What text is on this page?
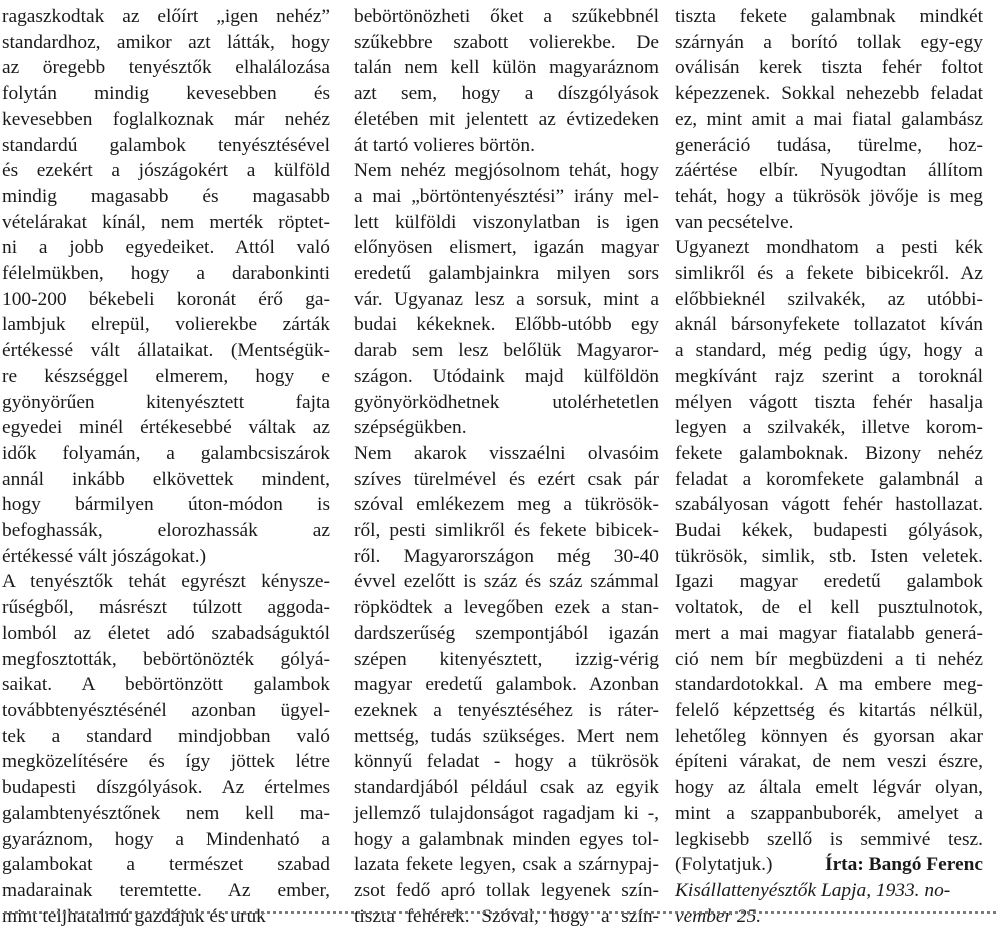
ragaszkodtak az előírt „igen nehéz”
standardhoz, amikor azt látták, hogy
az öregebb tenyésztők elhalálozása
folytán mindig kevesebben és
kevesebben foglalkoznak már nehéz
standardú galambok tenyésztésével
és ezekért a jószágokért a külföld
mindig magasabb és magasabb
vételárakat kínál, nem merték röptet-
ni a jobb egyedeiket. Attól való
félelmükben, hogy a darabonkinti
100-200 békebeli koronát érő ga-
lambjuk elrepül, volierekbe zárták
értékessé vált állataikat. (Mentségük-
re készséggel elmerem, hogy e
gyönyörűen kitenyésztett fajta
egyedei minél értékesebbé váltak az
idők folyamán, a galambcsiszárok
annál inkább elkövettek mindent,
hogy bármilyen úton-módon is
befoghassák, elorozhassák az
értékessé vált jószágokat.)
A tenyésztők tehát egyrészt kénysze-
rűségből, másrészt túlzott aggoda-
lomból az életet adó szabadságuktól
megfosztották, bebörtönözték gólyá-
saikat. A bebörtönzött galambok
továbbtenyésztésénél azonban ügyel-
tek a standard mindjobban való
megközelítésére és így jöttek létre
budapesti díszgólyások. Az értelmes
galambtenyésztőnek nem kell ma-
gyaráznom, hogy a Mindenható a
galambokat a természet szabad
madarainak teremtette. Az ember,
mint teljhatalmú gazdájuk és uruk
bebörtönözheti őket a szűkebbnél
szűkebbre szabott volierekbe. De
talán nem kell külön magyaráznom
azt sem, hogy a díszgólyások
életében mit jelentett az évtizedeken
át tartó volieres börtön.
Nem nehéz megjósolnom tehát, hogy
a mai „börtöntenyésztési” irány mel-
lett külföldi viszonylatban is igen
előnyösen elismert, igazán magyar
eredetű galambjainkra milyen sors
vár. Ugyanaz lesz a sorsuk, mint a
budai kékeknek. Előbb-utóbb egy
darab sem lesz belőlük Magyaror-
szágon. Utódaink majd külföldön
gyönyörködhetnek utolérhetetlen
szépségükben.
Nem akarok visszaélni olvasóim
szíves türelmével és ezért csak pár
szóval emlékezem meg a tükrösök-
ről, pesti simlikről és fekete bibicek-
ről. Magyarországon még 30-40
évvel ezelőtt is száz és száz számmal
röpködtek a levegőben ezek a stan-
dardszerűség szempontjából igazán
szépen kitenyésztett, izzig-vérig
magyar eredetű galambok. Azonban
ezeknek a tenyésztéséhez is ráter-
mettség, tudás szükséges. Mert nem
könnyű feladat - hogy a tükrösök
standardjából például csak az egyik
jellemző tulajdonságot ragadjam ki -,
hogy a galambnak minden egyes tol-
lazata fekete legyen, csak a szárnypaj-
zsot fedő apró tollak legyenek szín-
tiszta fehérek. Szóval, hogy a szín-
tiszta fekete galambnak mindkét
szárnyán a borító tollak egy-egy
oválisán kerek tiszta fehér foltot
képezzenek. Sokkal nehezebb feladat
ez, mint amit a mai fiatal galambász
generáció tudása, türelme, hoz-
záértése elbír. Nyugodtan állítom
tehát, hogy a tükrösök jövője is meg
van pecsételve.
Ugyanezt mondhatom a pesti kék
simlikről és a fekete bibicekről. Az
előbbieknél szilvakék, az utóbbi-
aknál bársonyfekete tollazatot kíván
a standard, még pedig úgy, hogy a
megkívánt rajz szerint a toroknál
mélyen vágott tiszta fehér hasalja
legyen a szilvakék, illetve korom-
fekete galamboknak. Bizony nehéz
feladat a koromfekete galambnál a
szabályosan vágott fehér hastollazat.
Budai kékek, budapesti gólyások,
tükrösök, simlik, stb. Isten veletek.
Igazi magyar eredetű galambok
voltatok, de el kell pusztulnotok,
mert a mai magyar fiatalabb generá-
ció nem bír megbüzdeni a ti nehéz
standardotokkal. A ma embere meg-
felelő képzettség és kitartás nélkül,
lehetőleg könnyen és gyorsan akar
építeni várakat, de nem veszi észre,
hogy az általa emelt légvár olyan,
mint a szappanbuborék, amelyet a
legkisebb szellő is semmivé tesz.
(Folytatjuk.)	Írta: Bangó Ferenc
Kisállattenyésztők Lapja, 1933. no-
vember 25.
